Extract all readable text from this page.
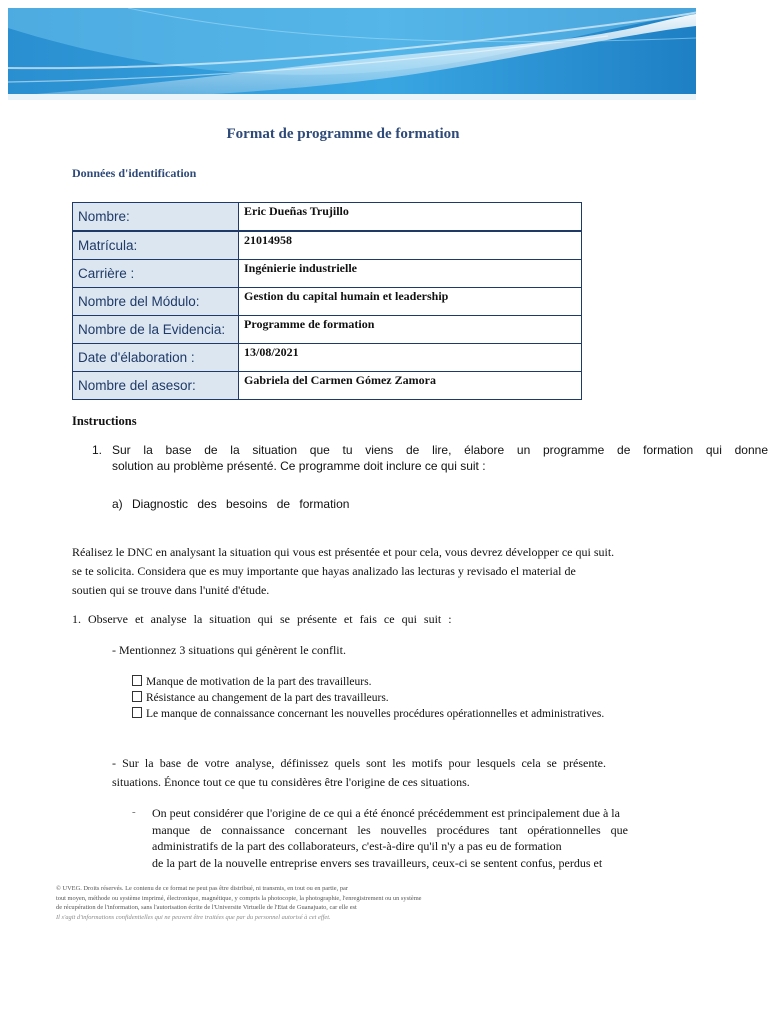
Format de programme de formation
Données d'identification
Nombre:	Eric Dueñas Trujillo
Matrícula:	21014958
Carrière :	Ingénierie industrielle
Nombre del Módulo:	Gestion du capital humain et leadership
Nombre de la Evidencia:	Programme de formation
Date d'élaboration :	13/08/2021
Nombre del asesor:	Gabriela del Carmen Gómez Zamora
Instructions
1. Sur la base de la situation que tu viens de lire, élabore un programme de formation qui donne
solution au problème présenté. Ce programme doit inclure ce qui suit :
a) Diagnostic des besoins de formation
Réalisez le DNC en analysant la situation qui vous est présentée et pour cela, vous devrez développer ce qui suit.
se te solicita. Considera que es muy importante que hayas analizado las lecturas y revisado el material de
soutien qui se trouve dans l'unité d'étude.
1. Observe et analyse la situation qui se présente et fais ce qui suit :
- Mentionnez 3 situations qui génèrent le conflit.
Manque de motivation de la part des travailleurs.
Résistance au changement de la part des travailleurs.
Le manque de connaissance concernant les nouvelles procédures opérationnelles et administratives.
- Sur la base de votre analyse, définissez quels sont les motifs pour lesquels cela se présente.
situations. Énonce tout ce que tu considères être l'origine de ces situations.
- On peut considérer que l'origine de ce qui a été énoncé précédemment est principalement due à la
manque de connaissance concernant les nouvelles procédures tant opérationnelles que
administratifs de la part des collaborateurs, c'est-à-dire qu'il n'y a pas eu de formation
de la part de la nouvelle entreprise envers ses travailleurs, ceux-ci se sentent confus, perdus et
© UVEG. Droits réservés. Le contenu de ce format ne peut pas être distribué, ni transmis, en tout ou en partie, par
tout moyen, méthode ou système imprimé, électronique, magnétique, y compris la photocopie, la photographie, l'enregistrement ou un système
de récupération de l'information, sans l'autorisation écrite de l'Universite Virtuelle de l'Etat de Guanajuato, car elle est
Il s'agit d'informations confidentielles qui ne peuvent être traitées que par du personnel autorisé à cet effet.
